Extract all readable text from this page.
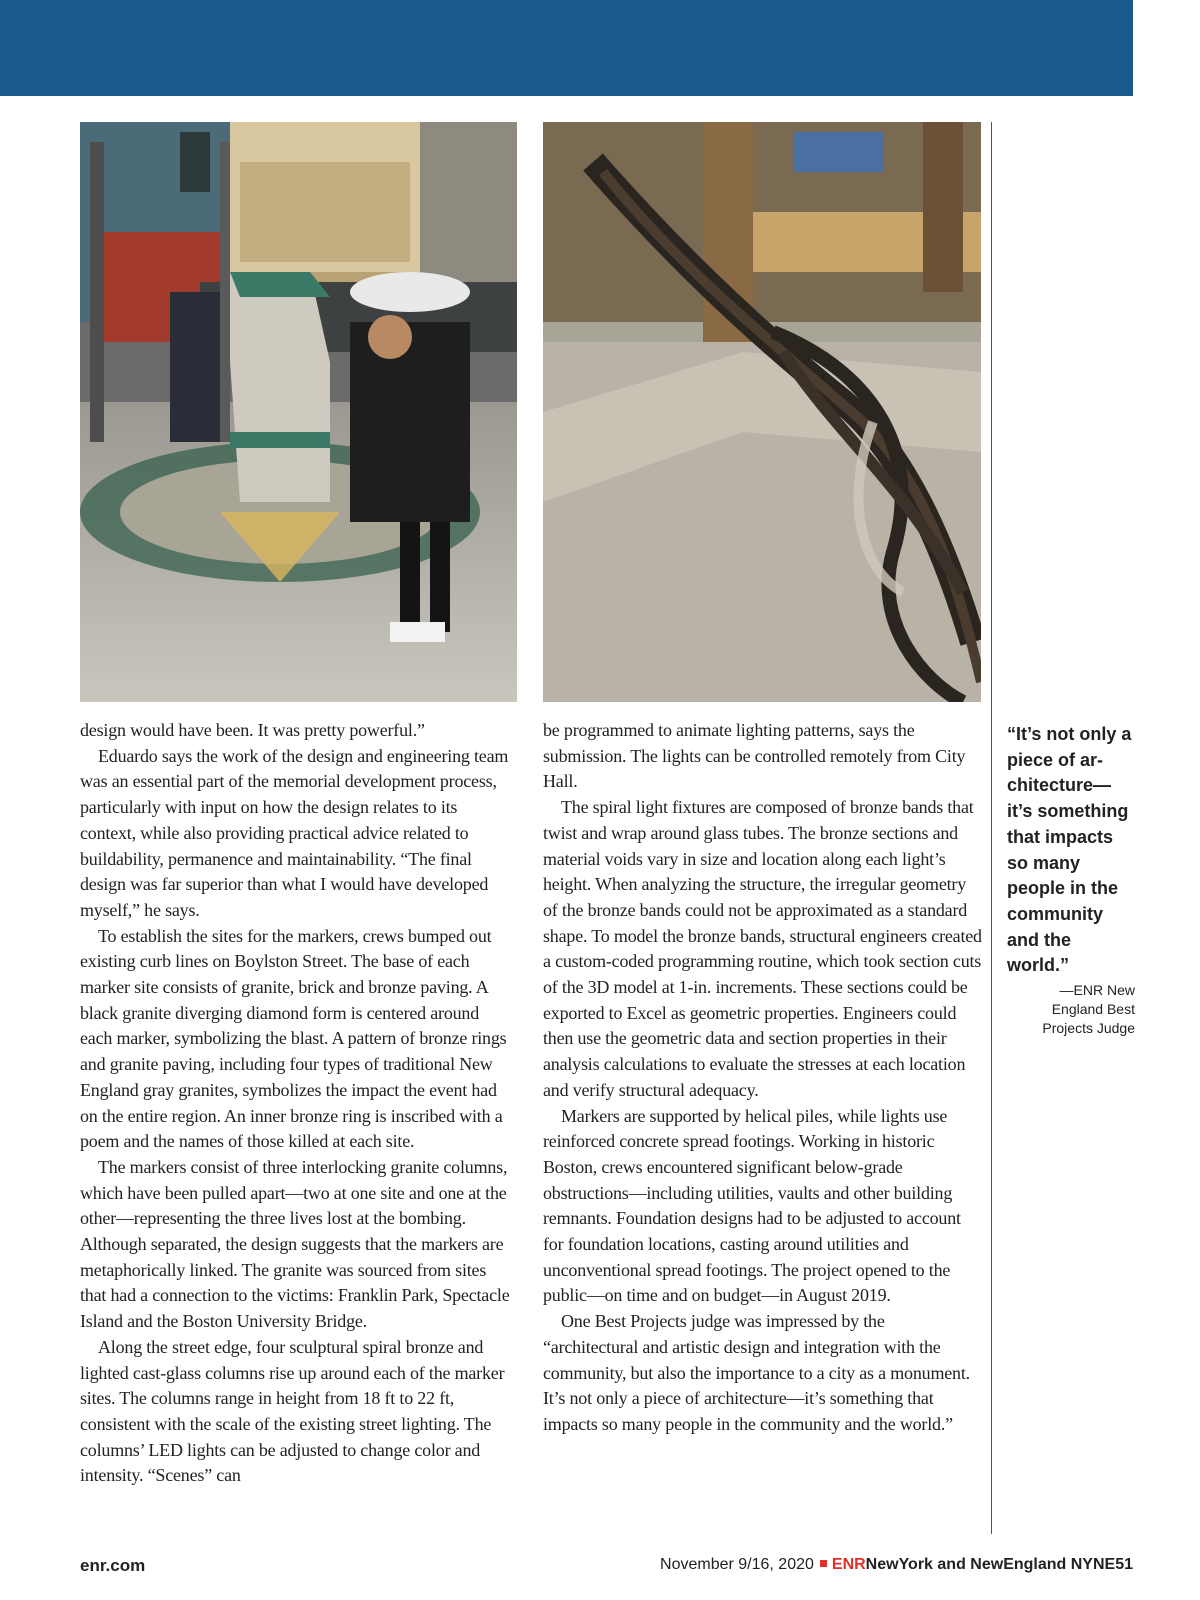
design would have been. It was pretty powerful.”

Eduardo says the work of the design and engineering team was an essential part of the memorial development process, particularly with input on how the design relates to its context, while also providing practical advice related to buildability, permanence and maintainability. “The final design was far superior than what I would have developed myself,” he says.

To establish the sites for the markers, crews bumped out existing curb lines on Boylston Street. The base of each marker site consists of granite, brick and bronze paving. A black granite diverging diamond form is centered around each marker, symbolizing the blast. A pattern of bronze rings and granite paving, including four types of traditional New England gray granites, symbolizes the impact the event had on the entire region. An inner bronze ring is inscribed with a poem and the names of those killed at each site.

The markers consist of three interlocking granite columns, which have been pulled apart—two at one site and one at the other—representing the three lives lost at the bombing. Although separated, the design suggests that the markers are metaphorically linked. The granite was sourced from sites that had a connection to the victims: Franklin Park, Spectacle Island and the Boston University Bridge.

Along the street edge, four sculptural spiral bronze and lighted cast-glass columns rise up around each of the marker sites. The columns range in height from 18 ft to 22 ft, consistent with the scale of the existing street lighting. The columns’ LED lights can be adjusted to change color and intensity. “Scenes” can

be programmed to animate lighting patterns, says the submission. The lights can be controlled remotely from City Hall.

The spiral light fixtures are composed of bronze bands that twist and wrap around glass tubes. The bronze sections and material voids vary in size and location along each light’s height. When analyzing the structure, the irregular geometry of the bronze bands could not be approximated as a standard shape. To model the bronze bands, structural engineers created a custom-coded programming routine, which took section cuts of the 3D model at 1-in. increments. These sections could be exported to Excel as geometric properties. Engineers could then use the geometric data and section properties in their analysis calculations to evaluate the stresses at each location and verify structural adequacy.

Markers are supported by helical piles, while lights use reinforced concrete spread footings. Working in historic Boston, crews encountered significant below-grade obstructions—including utilities, vaults and other building remnants. Foundation designs had to be adjusted to account for foundation locations, casting around utilities and unconventional spread footings. The project opened to the public—on time and on budget—in August 2019.

One Best Projects judge was impressed by the “architectural and artistic design and integration with the community, but also the importance to a city as a monument. It’s not only a piece of architecture—it’s something that impacts so many people in the community and the world.”

“It’s not only a piece of architecture—it’s something that impacts so many people in the community and the world.”

—ENR New England Best Projects Judge

enr.com	November 9/16, 2020 ENRNewYork and NewEngland NYNE51
